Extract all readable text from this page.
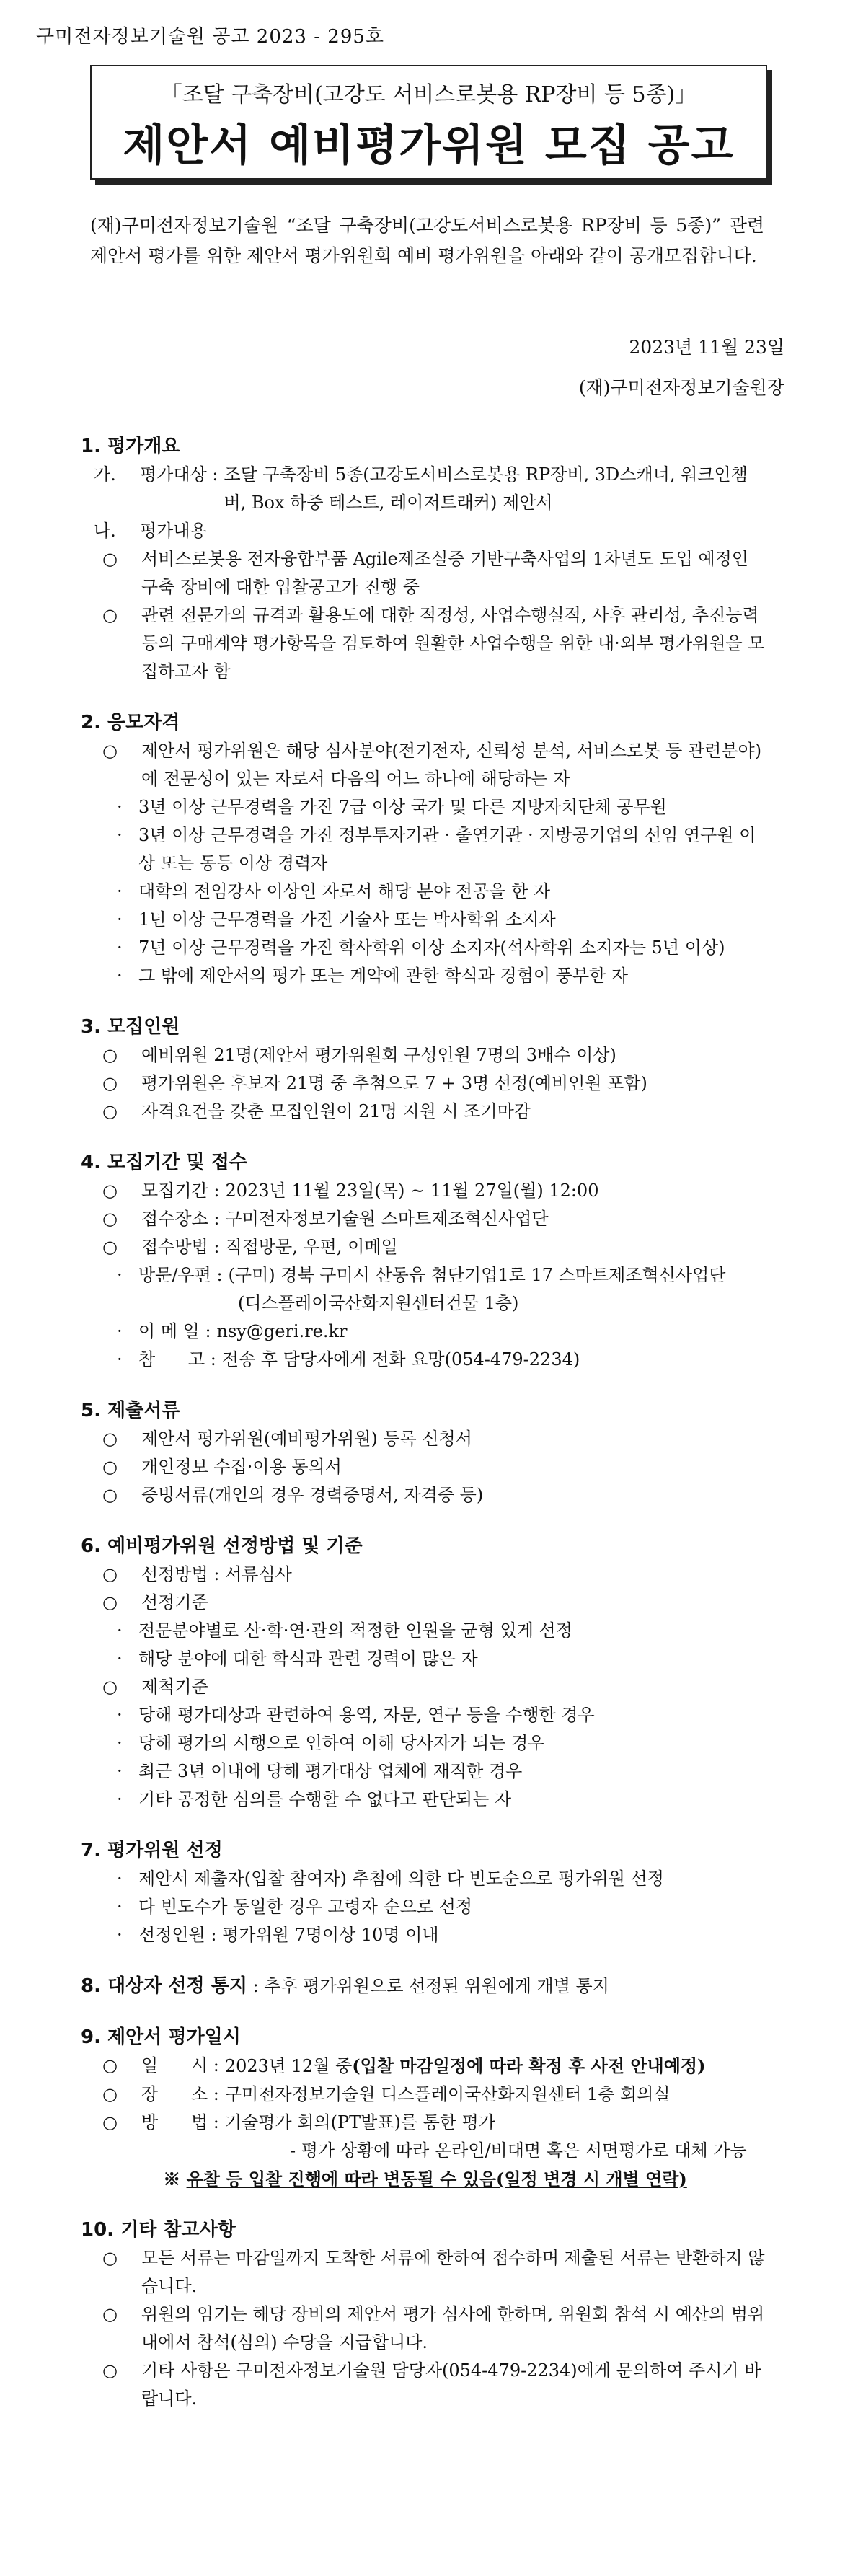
구미전자정보기술원 공고 2023 - 295호
「조달 구축장비(고강도 서비스로봇용 RP장비 등 5종)」
제안서 예비평가위원 모집 공고
(재)구미전자정보기술원 “조달 구축장비(고강도서비스로봇용 RP장비 등 5종)” 관련 제안서 평가를 위한 제안서 평가위원회 예비 평가위원을 아래와 같이 공개모집합니다.
2023년 11월 23일
(재)구미전자정보기술원장
1. 평가개요
가.	평가대상 : 조달 구축장비 5종(고강도서비스로봇용 RP장비, 3D스캐너, 워크인챔버, Box 하중 테스트, 레이저트래커) 제안서
나.	평가내용
○	서비스로봇용 전자융합부품 Agile제조실증 기반구축사업의 1차년도 도입 예정인 구축 장비에 대한 입찰공고가 진행 중
○	관련 전문가의 규격과 활용도에 대한 적정성, 사업수행실적, 사후 관리성, 추진능력 등의 구매계약 평가항목을 검토하여 원활한 사업수행을 위한 내·외부 평가위원을 모집하고자 함
2. 응모자격
○	제안서 평가위원은 해당 심사분야(전기전자, 신뢰성 분석, 서비스로봇 등 관련분야)에 전문성이 있는 자로서 다음의 어느 하나에 해당하는 자
· 3년 이상 근무경력을 가진 7급 이상 국가 및 다른 지방자치단체 공무원
· 3년 이상 근무경력을 가진 정부투자기관 · 출연기관 · 지방공기업의 선임 연구원 이상 또는 동등 이상 경력자
· 대학의 전임강사 이상인 자로서 해당 분야 전공을 한 자
· 1년 이상 근무경력을 가진 기술사 또는 박사학위 소지자
· 7년 이상 근무경력을 가진 학사학위 이상 소지자(석사학위 소지자는 5년 이상)
· 그 밖에 제안서의 평가 또는 계약에 관한 학식과 경험이 풍부한 자
3. 모집인원
○	예비위원 21명(제안서 평가위원회 구성인원 7명의 3배수 이상)
○	평가위원은 후보자 21명 중 추첨으로 7 + 3명 선정(예비인원 포함)
○	자격요건을 갖춘 모집인원이 21명 지원 시 조기마감
4. 모집기간 및 접수
○	모집기간 : 2023년 11월 23일(목) ~ 11월 27일(월) 12:00
○	접수장소 : 구미전자정보기술원 스마트제조혁신사업단
○	접수방법 : 직접방문, 우편, 이메일
· 방문/우편 : (구미) 경북 구미시 산동읍 첨단기업1로 17 스마트제조혁신사업단
(디스플레이국산화지원센터건물 1층)
· 이 메 일 : nsy@geri.re.kr
· 참      고 : 전송 후 담당자에게 전화 요망(054-479-2234)
5. 제출서류
○	제안서 평가위원(예비평가위원) 등록 신청서
○	개인정보 수집·이용 동의서
○	증빙서류(개인의 경우 경력증명서, 자격증 등)
6. 예비평가위원 선정방법 및 기준
○	선정방법 : 서류심사
○	선정기준
· 전문분야별로 산·학·연·관의 적정한 인원을 균형 있게 선정
· 해당 분야에 대한 학식과 관련 경력이 많은 자
○	제척기준
· 당해 평가대상과 관련하여 용역, 자문, 연구 등을 수행한 경우
· 당해 평가의 시행으로 인하여 이해 당사자가 되는 경우
· 최근 3년 이내에 당해 평가대상 업체에 재직한 경우
· 기타 공정한 심의를 수행할 수 없다고 판단되는 자
7. 평가위원 선정
· 제안서 제출자(입찰 참여자) 추첨에 의한 다 빈도순으로 평가위원 선정
· 다 빈도수가 동일한 경우 고령자 순으로 선정
· 선정인원 : 평가위원 7명이상 10명 이내
8. 대상자 선정 통지 : 추후 평가위원으로 선정된 위원에게 개별 통지
9. 제안서 평가일시
○	일      시 : 2023년 12월 중(입찰 마감일정에 따라 확정 후 사전 안내예정)
○	장      소 : 구미전자정보기술원 디스플레이국산화지원센터 1층 회의실
○	방      법 : 기술평가 회의(PT발표)를 통한 평가
- 평가 상황에 따라 온라인/비대면 혹은 서면평가로 대체 가능
※ 유찰 등 입찰 진행에 따라 변동될 수 있음(일정 변경 시 개별 연락)
10. 기타 참고사항
○	모든 서류는 마감일까지 도착한 서류에 한하여 접수하며 제출된 서류는 반환하지 않습니다.
○	위원의 임기는 해당 장비의 제안서 평가 심사에 한하며, 위원회 참석 시 예산의 범위 내에서 참석(심의) 수당을 지급합니다.
○	기타 사항은 구미전자정보기술원 담당자(054-479-2234)에게 문의하여 주시기 바랍니다.
